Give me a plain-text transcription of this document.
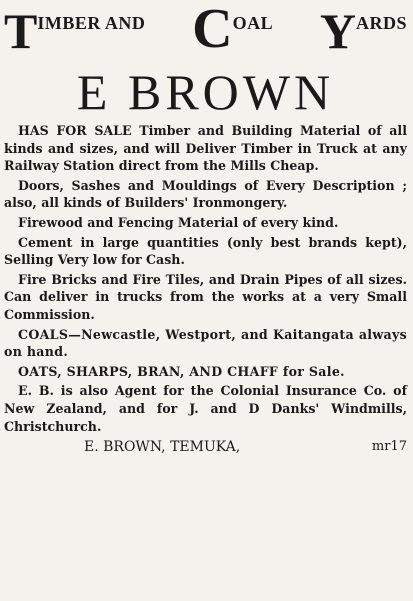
T IMBER AND C OAL Y ARDS
E BROWN

HAS FOR SALE Timber and Building Material of all kinds and sizes, and will Deliver Timber in Truck at any Railway Station direct from the Mills Cheap.

Doors, Sashes and Mouldings of Every Description ; also, all kinds of Builders' Ironmongery.

Firewood and Fencing Material of every kind.

Cement in large quantities (only best brands kept), Selling Very low for Cash.

Fire Bricks and Fire Tiles, and Drain Pipes of all sizes. Can deliver in trucks from the works at a very Small Commission.

COALS—Newcastle, Westport, and Kaitangata always on hand.

OATS, SHARPS, BRAN, AND CHAFF for Sale.

E. B. is also Agent for the Colonial Insurance Co. of New Zealand, and for J. and D Danks' Windmills, Christchurch.

E. BROWN, TEMUKA,	mr17
